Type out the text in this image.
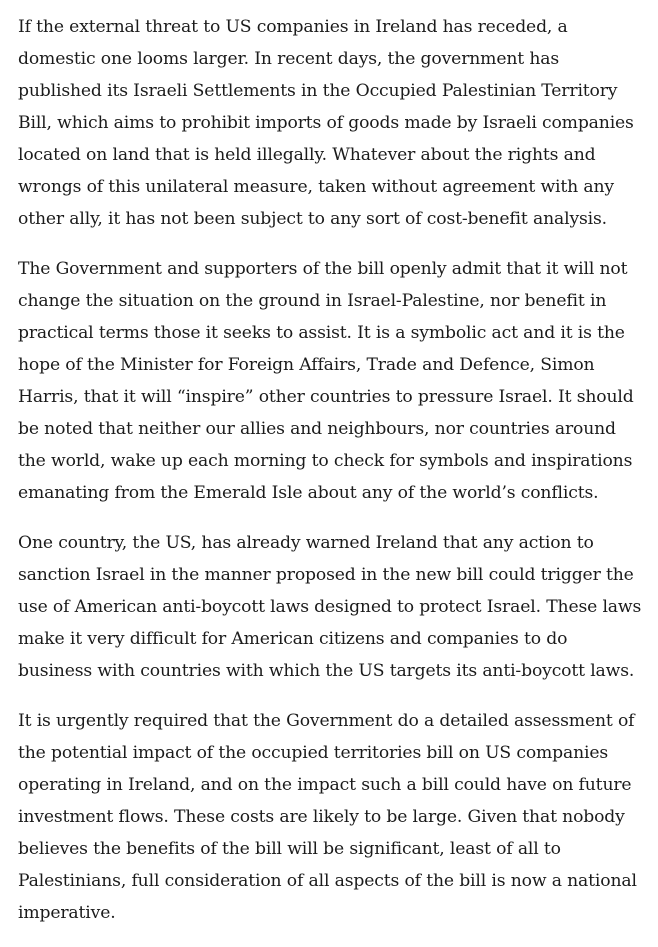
If the external threat to US companies in Ireland has receded, a
domestic one looms larger. In recent days, the government has
published its Israeli Settlements in the Occupied Palestinian Territory
Bill, which aims to prohibit imports of goods made by Israeli companies
located on land that is held illegally. Whatever about the rights and
wrongs of this unilateral measure, taken without agreement with any
other ally, it has not been subject to any sort of cost-benefit analysis.

The Government and supporters of the bill openly admit that it will not
change the situation on the ground in Israel-Palestine, nor benefit in
practical terms those it seeks to assist. It is a symbolic act and it is the
hope of the Minister for Foreign Affairs, Trade and Defence, Simon
Harris, that it will “inspire” other countries to pressure Israel. It should
be noted that neither our allies and neighbours, nor countries around
the world, wake up each morning to check for symbols and inspirations
emanating from the Emerald Isle about any of the world’s conflicts.

One country, the US, has already warned Ireland that any action to
sanction Israel in the manner proposed in the new bill could trigger the
use of American anti-boycott laws designed to protect Israel. These laws
make it very difficult for American citizens and companies to do
business with countries with which the US targets its anti-boycott laws.

It is urgently required that the Government do a detailed assessment of
the potential impact of the occupied territories bill on US companies
operating in Ireland, and on the impact such a bill could have on future
investment flows. These costs are likely to be large. Given that nobody
believes the benefits of the bill will be significant, least of all to
Palestinians, full consideration of all aspects of the bill is now a national
imperative.
